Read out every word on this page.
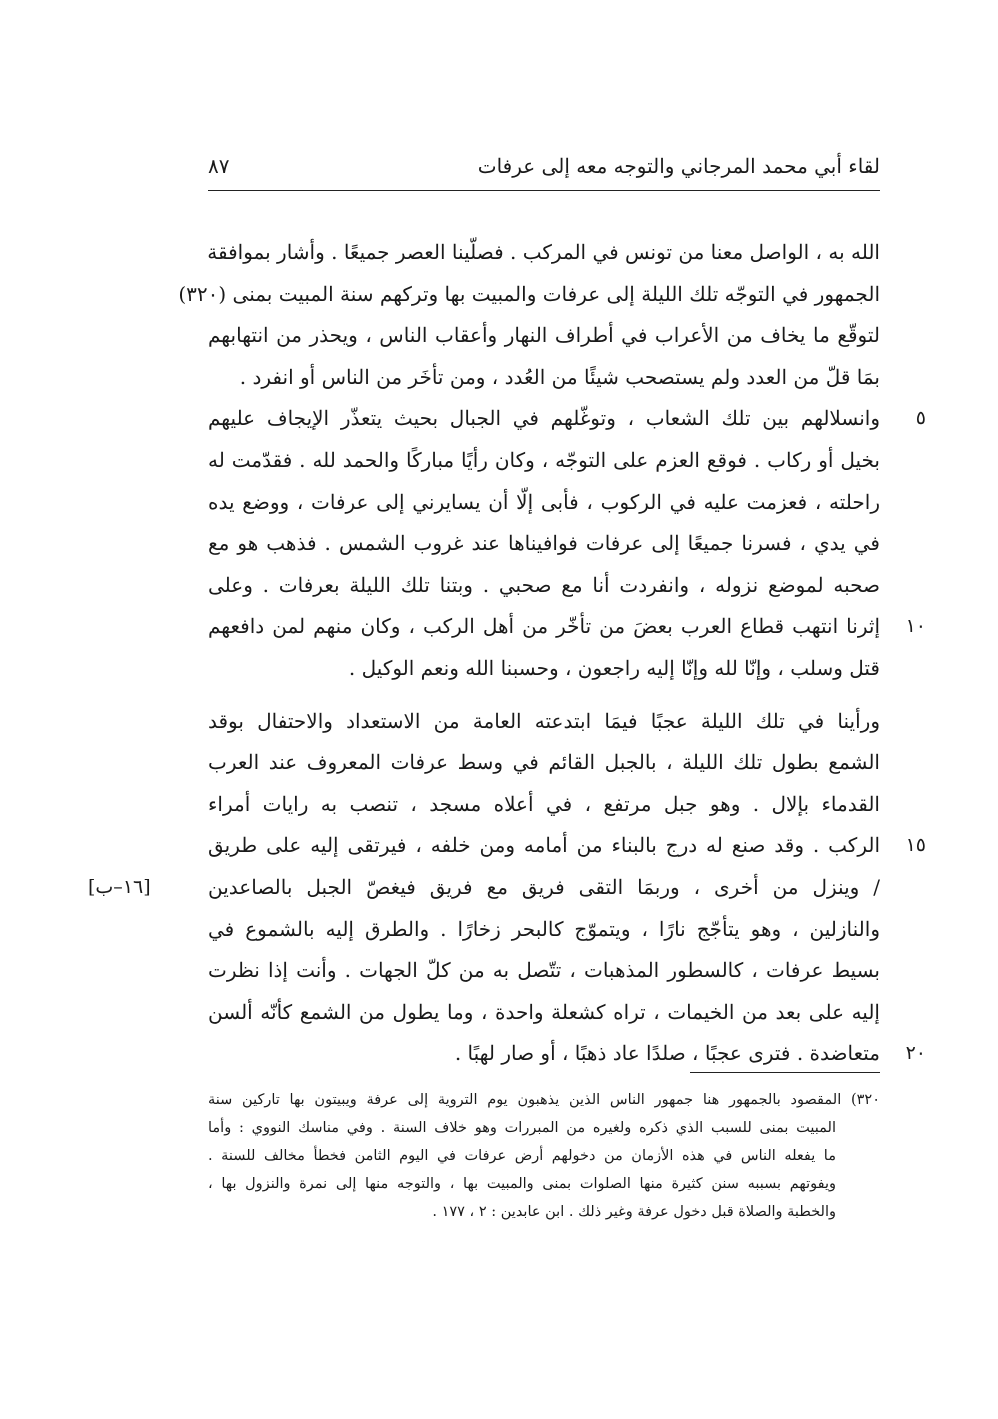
لقاء أبي محمد المرجاني والتوجه معه إلى عرفات
٨٧
الله به ، الواصل معنا من تونس في المركب . فصلّينا العصر جميعًا . وأشار بموافقة
الجمهور في التوجّه تلك الليلة إلى عرفات والمبيت بها وتركهم سنة المبيت بمنى (٣٢٠)
لتوقّع ما يخاف من الأعراب في أطراف النهار وأعقاب الناس ، ويحذر من انتهابهم
بمَا قلّ من العدد ولم يستصحب شيئًا من العُدد ، ومن تأخَر من الناس أو انفرد .
وانسلالهم بين تلك الشعاب ، وتوغّلهم في الجبال بحيث يتعذّر الإيجاف عليهم	٥
بخيل أو ركاب . فوقع العزم على التوجّه ، وكان رأيًا مباركًا والحمد لله . فقدّمت له
راحلته ، فعزمت عليه في الركوب ، فأبى إلّا أن يسايرني إلى عرفات ، ووضع يده
في يدي ، فسرنا جميعًا إلى عرفات فوافيناها عند غروب الشمس . فذهب هو مع
صحبه لموضع نزوله ، وانفردت أنا مع صحبي . وبتنا تلك الليلة بعرفات . وعلى
إثرنا انتهب قطاع العرب بعضَ من تأخّر من أهل الركب ، وكان منهم لمن دافعهم	١٠
قتل وسلب ، وإنّا لله وإنّا إليه راجعون ، وحسبنا الله ونعم الوكيل .
ورأينا في تلك الليلة عجبًا فيمَا ابتدعته العامة من الاستعداد والاحتفال بوقد
الشمع بطول تلك الليلة ، بالجبل القائم في وسط عرفات المعروف عند العرب
القدماء بإلال . وهو جبل مرتفع ، في أعلاه مسجد ، تنصب به رايات أمراء
الركب . وقد صنع له درج بالبناء من أمامه ومن خلفه ، فيرتقى إليه على طريق	١٥
/ وينزل من أخرى ، وربمَا التقى فريق مع فريق فيغصّ الجبل بالصاعدين
[١٦–ب]
والنازلين ، وهو يتأجّج نارًا ، ويتموّج كالبحر زخارًا . والطرق إليه بالشموع في
بسيط عرفات ، كالسطور المذهبات ، تتّصل به من كلّ الجهات . وأنت إذا نظرت
إليه على بعد من الخيمات ، تراه كشعلة واحدة ، وما يطول من الشمع كأنّه ألسن
متعاضدة . فترى عجبًا ، صلدًا عاد ذهبًا ، أو صار لهبًا .	٢٠
٣٢٠) المقصود بالجمهور هنا جمهور الناس الذين يذهبون يوم التروية إلى عرفة ويبيتون بها تاركين سنة
المبيت بمنى للسبب الذي ذكره ولغيره من المبررات وهو خلاف السنة . وفي مناسك النووي : وأما
ما يفعله الناس في هذه الأزمان من دخولهم أرض عرفات في اليوم الثامن فخطأ مخالف للسنة .
ويفوتهم بسببه سنن كثيرة منها الصلوات بمنى والمبيت بها ، والتوجه منها إلى نمرة والنزول بها ،
والخطبة والصلاة قبل دخول عرفة وغير ذلك . ابن عابدين : ٢ ، ١٧٧ .
